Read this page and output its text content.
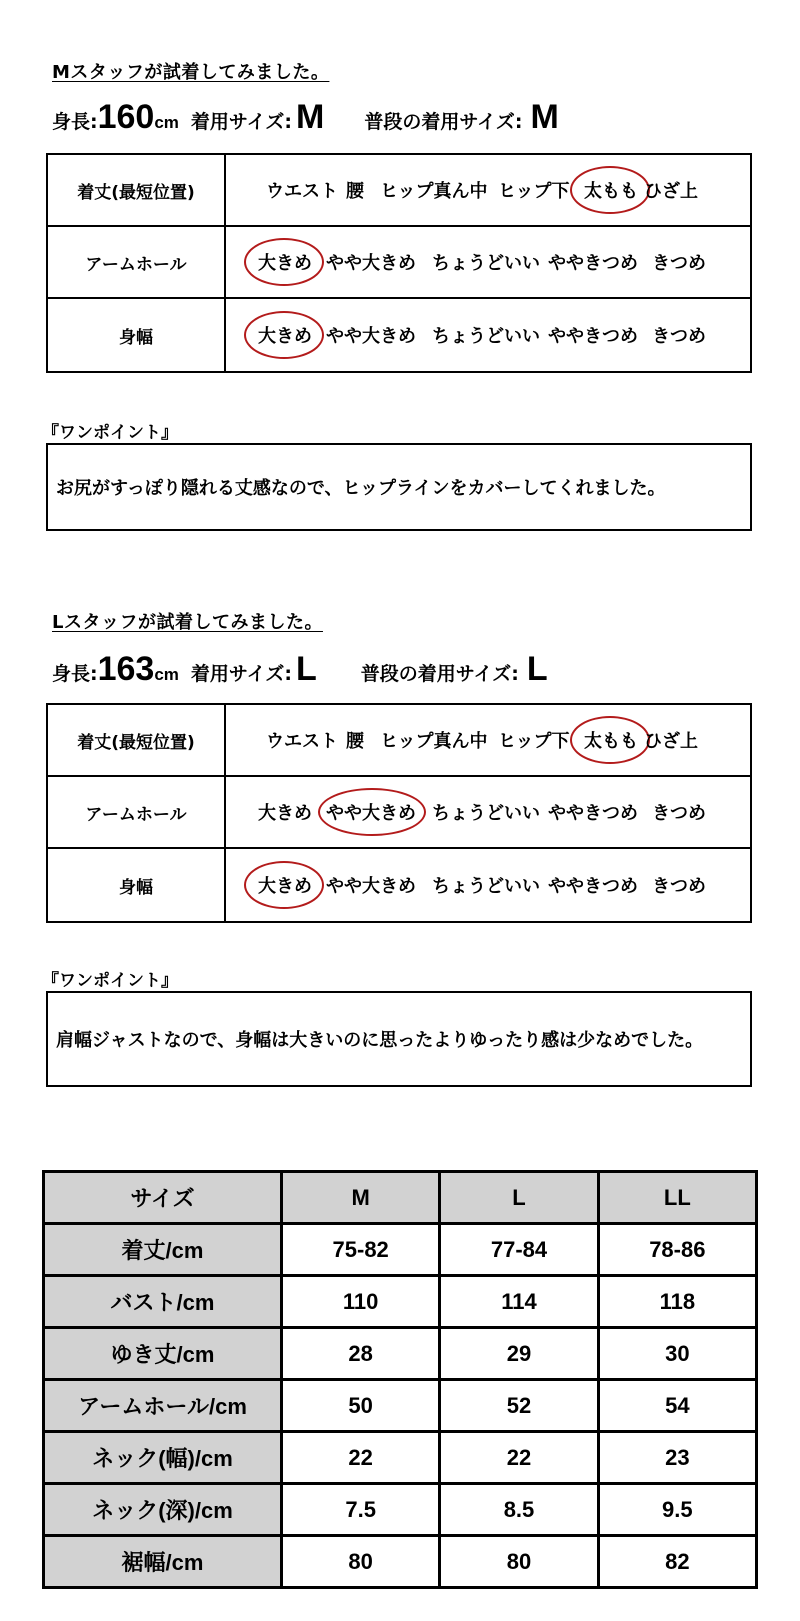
Mスタッフが試着してみました。
身長: 160 cm 着用サイズ: M 普段の着用サイズ: M
着丈(最短位置)	ウエスト 腰 ヒップ真ん中 ヒップ下 太もも ひざ上
アームホール	大きめ やや大きめ ちょうどいい ややきつめ きつめ
身幅	大きめ やや大きめ ちょうどいい ややきつめ きつめ
『ワンポイント』
お尻がすっぽり隠れる丈感なので、ヒップラインをカバーしてくれました。
Lスタッフが試着してみました。
身長: 163 cm 着用サイズ: L 普段の着用サイズ: L
着丈(最短位置)	ウエスト 腰 ヒップ真ん中 ヒップ下 太もも ひざ上
アームホール	大きめ やや大きめ ちょうどいい ややきつめ きつめ
身幅	大きめ やや大きめ ちょうどいい ややきつめ きつめ
『ワンポイント』
肩幅ジャストなので、身幅は大きいのに思ったよりゆったり感は少なめでした。
サイズ	M	L	LL
着丈/cm	75-82	77-84	78-86
バスト/cm	110	114	118
ゆき丈/cm	28	29	30
アームホール/cm	50	52	54
ネック(幅)/cm	22	22	23
ネック(深)/cm	7.5	8.5	9.5
裾幅/cm	80	80	82
